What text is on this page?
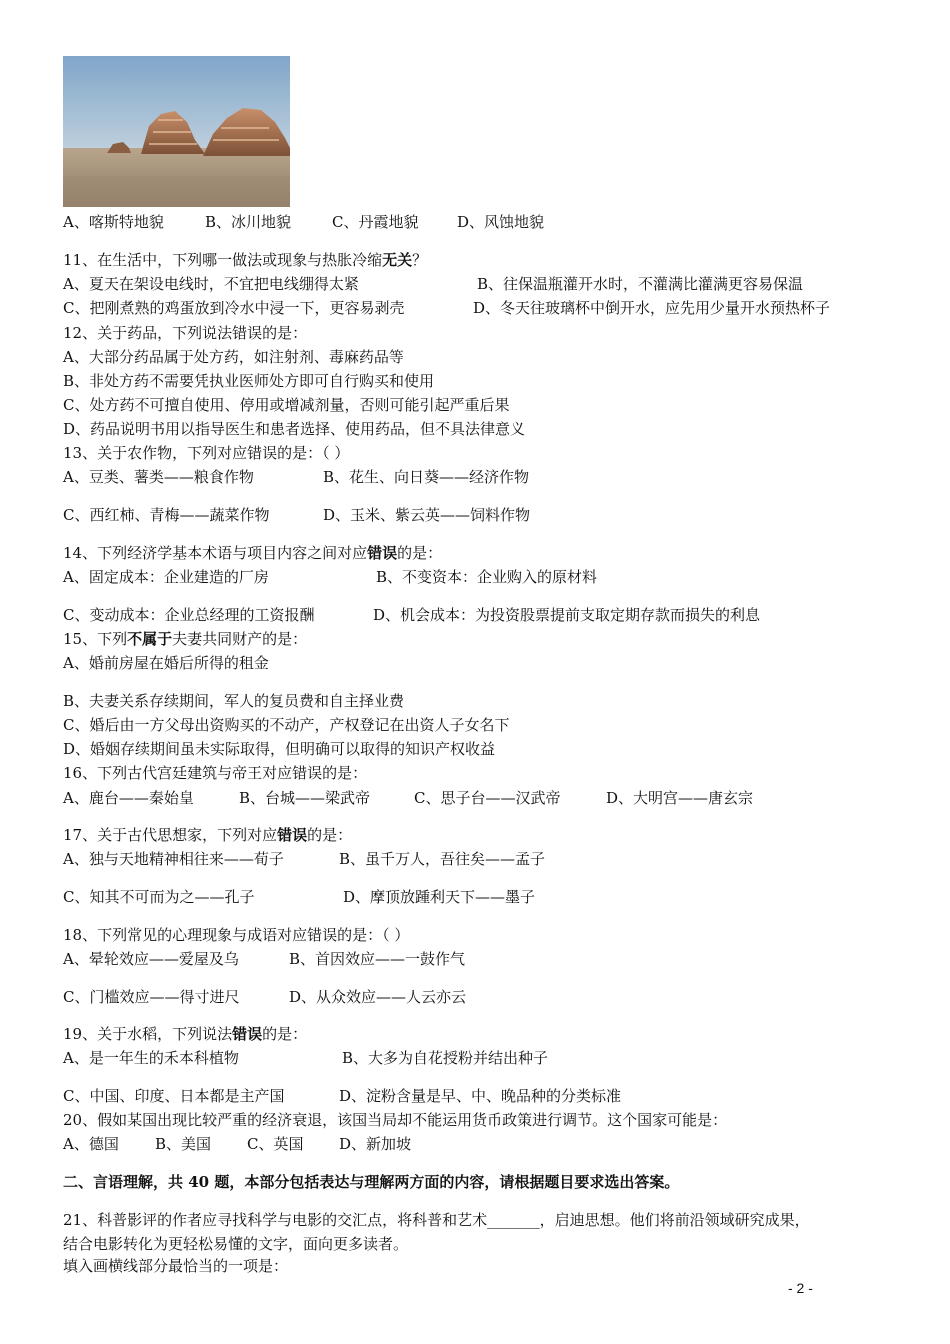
A、喀斯特地貌	B、冰川地貌	C、丹霞地貌	D、风蚀地貌
11、在生活中，下列哪一做法或现象与热胀冷缩无关？
A、夏天在架设电线时，不宜把电线绷得太紧	B、往保温瓶灌开水时，不灌满比灌满更容易保温
C、把刚煮熟的鸡蛋放到冷水中浸一下，更容易剥壳	D、冬天往玻璃杯中倒开水，应先用少量开水预热杯子
12、关于药品，下列说法错误的是：
A、大部分药品属于处方药，如注射剂、毒麻药品等
B、非处方药不需要凭执业医师处方即可自行购买和使用
C、处方药不可擅自使用、停用或增减剂量，否则可能引起严重后果
D、药品说明书用以指导医生和患者选择、使用药品，但不具法律意义
13、关于农作物，下列对应错误的是：（ ）
A、豆类、薯类——粮食作物	B、花生、向日葵——经济作物
C、西红柿、青梅——蔬菜作物	D、玉米、紫云英——饲料作物
14、下列经济学基本术语与项目内容之间对应错误的是：
A、固定成本：企业建造的厂房	B、不变资本：企业购入的原材料
C、变动成本：企业总经理的工资报酬	D、机会成本：为投资股票提前支取定期存款而损失的利息
15、下列不属于夫妻共同财产的是：
A、婚前房屋在婚后所得的租金
B、夫妻关系存续期间，军人的复员费和自主择业费
C、婚后由一方父母出资购买的不动产，产权登记在出资人子女名下
D、婚姻存续期间虽未实际取得，但明确可以取得的知识产权收益
16、下列古代宫廷建筑与帝王对应错误的是：
A、鹿台——秦始皇	B、台城——梁武帝	C、思子台——汉武帝	D、大明宫——唐玄宗
17、关于古代思想家，下列对应错误的是：
A、独与天地精神相往来——荀子	B、虽千万人，吾往矣——孟子
C、知其不可而为之——孔子	D、摩顶放踵利天下——墨子
18、下列常见的心理现象与成语对应错误的是：（ ）
A、晕轮效应——爱屋及乌	B、首因效应——一鼓作气
C、门槛效应——得寸进尺	D、从众效应——人云亦云
19、关于水稻，下列说法错误的是：
A、是一年生的禾本科植物	B、大多为自花授粉并结出种子
C、中国、印度、日本都是主产国	D、淀粉含量是早、中、晚品种的分类标准
20、假如某国出现比较严重的经济衰退，该国当局却不能运用货币政策进行调节。这个国家可能是：
A、德国 B、美国 C、英国 D、新加坡
二、言语理解，共 40 题，本部分包括表达与理解两方面的内容，请根据题目要求选出答案。
21、科普影评的作者应寻找科学与电影的交汇点，将科普和艺术_______，启迪思想。他们将前沿领域研究成果，
结合电影转化为更轻松易懂的文字，面向更多读者。
填入画横线部分最恰当的一项是：
- 2 -
